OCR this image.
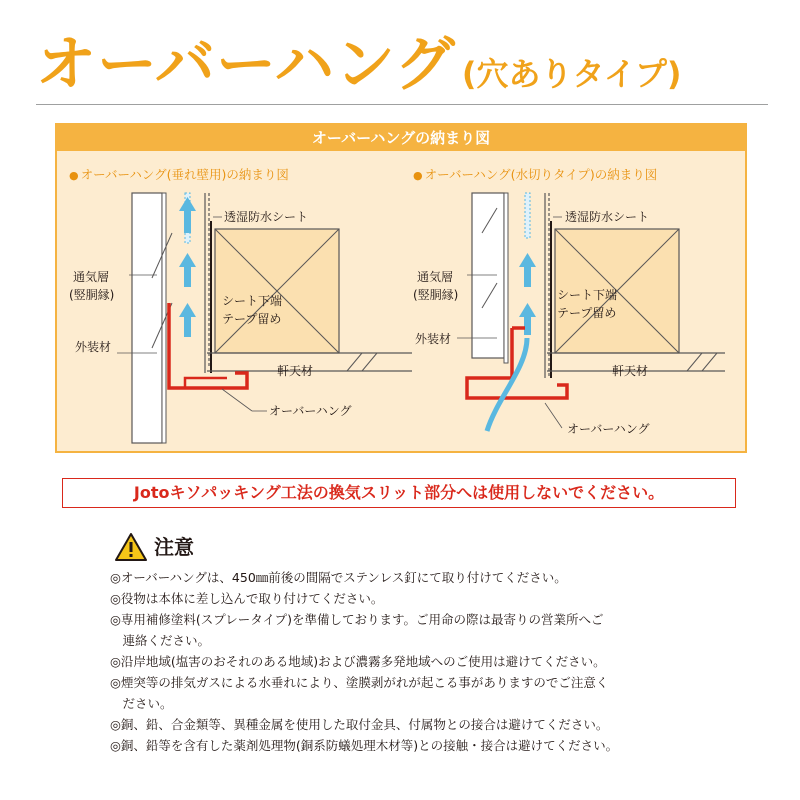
オーバーハング (穴ありタイプ)
オーバーハングの納まり図
● オーバーハング(垂れ壁用)の納まり図	● オーバーハング(水切りタイプ)の納まり図
透湿防水シート
通気層
(竪胴縁)
外装材
シート下端
テープ留め
軒天材
オーバーハング
透湿防水シート
通気層
(竪胴縁)
外装材
シート下端
テープ留め
軒天材
オーバーハング
Jotoキソパッキング工法の換気スリット部分へは使用しないでください。
注意
◎オーバーハングは、450㎜前後の間隔でステンレス釘にて取り付けてください。
◎役物は本体に差し込んで取り付けてください。
◎専用補修塗料(スプレータイプ)を準備しております。ご用命の際は最寄りの営業所へご
　連絡ください。
◎沿岸地域(塩害のおそれのある地域)および濃霧多発地域へのご使用は避けてください。
◎煙突等の排気ガスによる水垂れにより、塗膜剥がれが起こる事がありますのでご注意く
　ださい。
◎銅、鉛、合金類等、異種金属を使用した取付金具、付属物との接合は避けてください。
◎銅、鉛等を含有した薬剤処理物(銅系防蟻処理木材等)との接触・接合は避けてください。
